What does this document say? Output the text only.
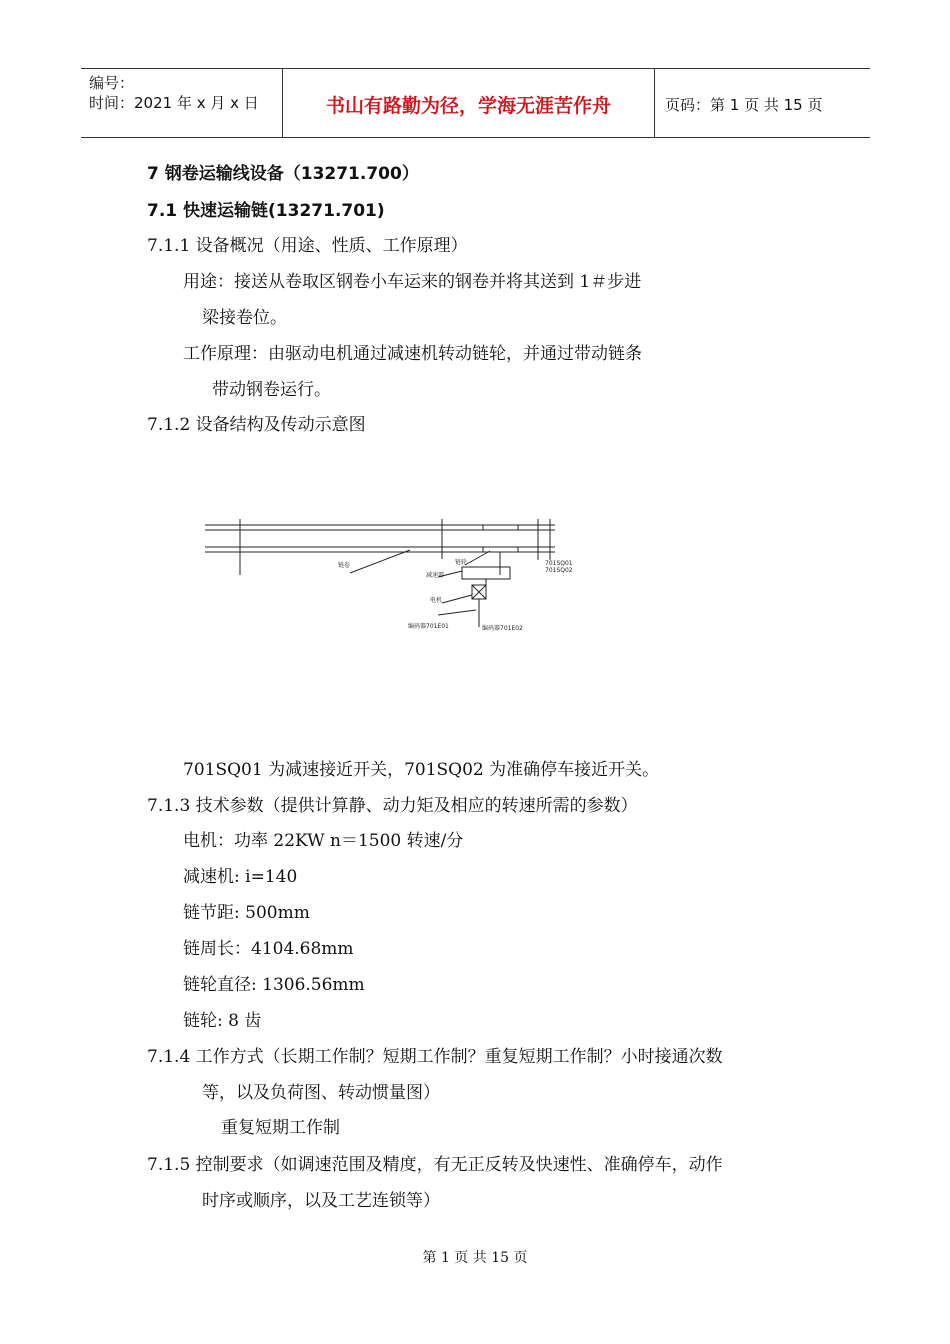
编号：
时间：2021 年 x 月 x 日	书山有路勤为径，学海无涯苦作舟	页码：第 1 页 共 15 页
7 钢卷运输线设备（13271.700）
7.1 快速运输链(13271.701)
7.1.1 设备概况（用途、性质、工作原理）
用途：接送从卷取区钢卷小车运来的钢卷并将其送到 1＃步进
梁接卷位。
工作原理：由驱动电机通过减速机转动链轮，并通过带动链条
带动钢卷运行。
7.1.2 设备结构及传动示意图
链卷	链轮
减速器
电机
701SQ01 701SQ02
编码器701E01	编码器701E02
701SQ01 为减速接近开关，701SQ02 为准确停车接近开关。
7.1.3 技术参数（提供计算静、动力矩及相应的转速所需的参数）
电机：功率 22KW n＝1500 转速/分
减速机: i=140
链节距: 500mm
链周长：4104.68mm
链轮直径: 1306.56mm
链轮: 8 齿
7.1.4 工作方式（长期工作制？短期工作制？重复短期工作制？小时接通次数
等，以及负荷图、转动惯量图）
重复短期工作制
7.1.5 控制要求（如调速范围及精度，有无正反转及快速性、准确停车，动作
时序或顺序，以及工艺连锁等）
第 1 页 共 15 页
